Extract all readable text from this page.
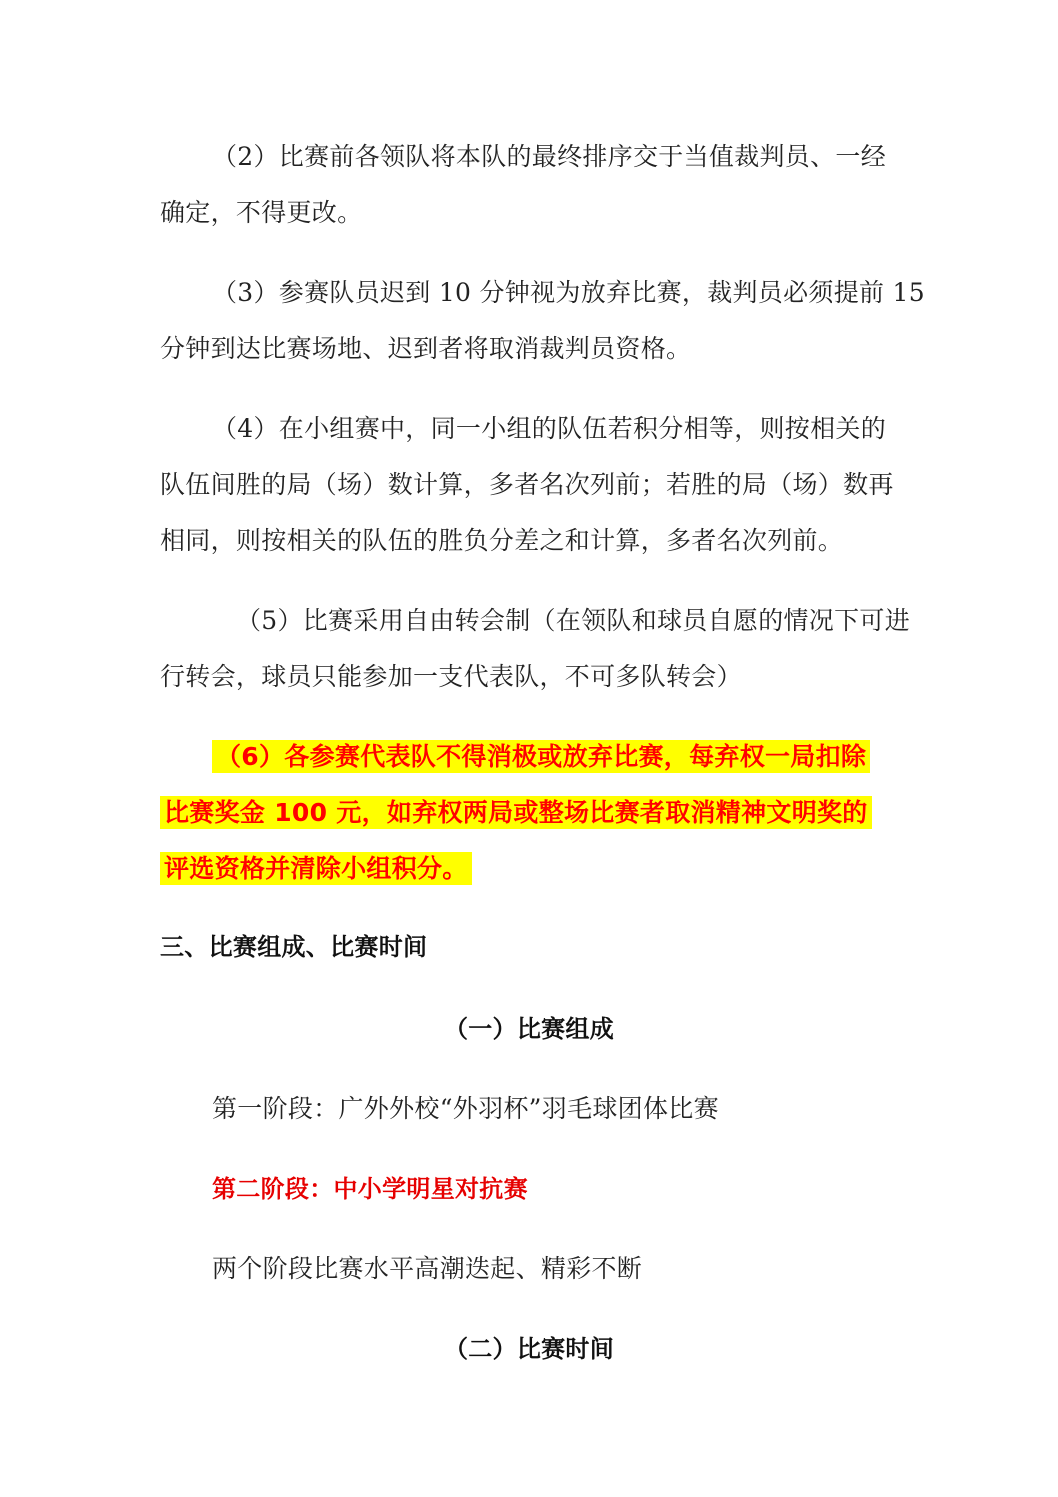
（2）比赛前各领队将本队的最终排序交于当值裁判员、一经
确定，不得更改。
（3）参赛队员迟到 10 分钟视为放弃比赛，裁判员必须提前 15
分钟到达比赛场地、迟到者将取消裁判员资格。
（4）在小组赛中，同一小组的队伍若积分相等，则按相关的
队伍间胜的局（场）数计算，多者名次列前；若胜的局（场）数再
相同，则按相关的队伍的胜负分差之和计算，多者名次列前。
（5）比赛采用自由转会制（在领队和球员自愿的情况下可进
行转会，球员只能参加一支代表队，不可多队转会）
（6）各参赛代表队不得消极或放弃比赛，每弃权一局扣除
比赛奖金 100 元，如弃权两局或整场比赛者取消精神文明奖的
评选资格并清除小组积分。
三、比赛组成、比赛时间
（一）比赛组成
第一阶段：广外外校“外羽杯”羽毛球团体比赛
第二阶段：中小学明星对抗赛
两个阶段比赛水平高潮迭起、精彩不断
（二）比赛时间
